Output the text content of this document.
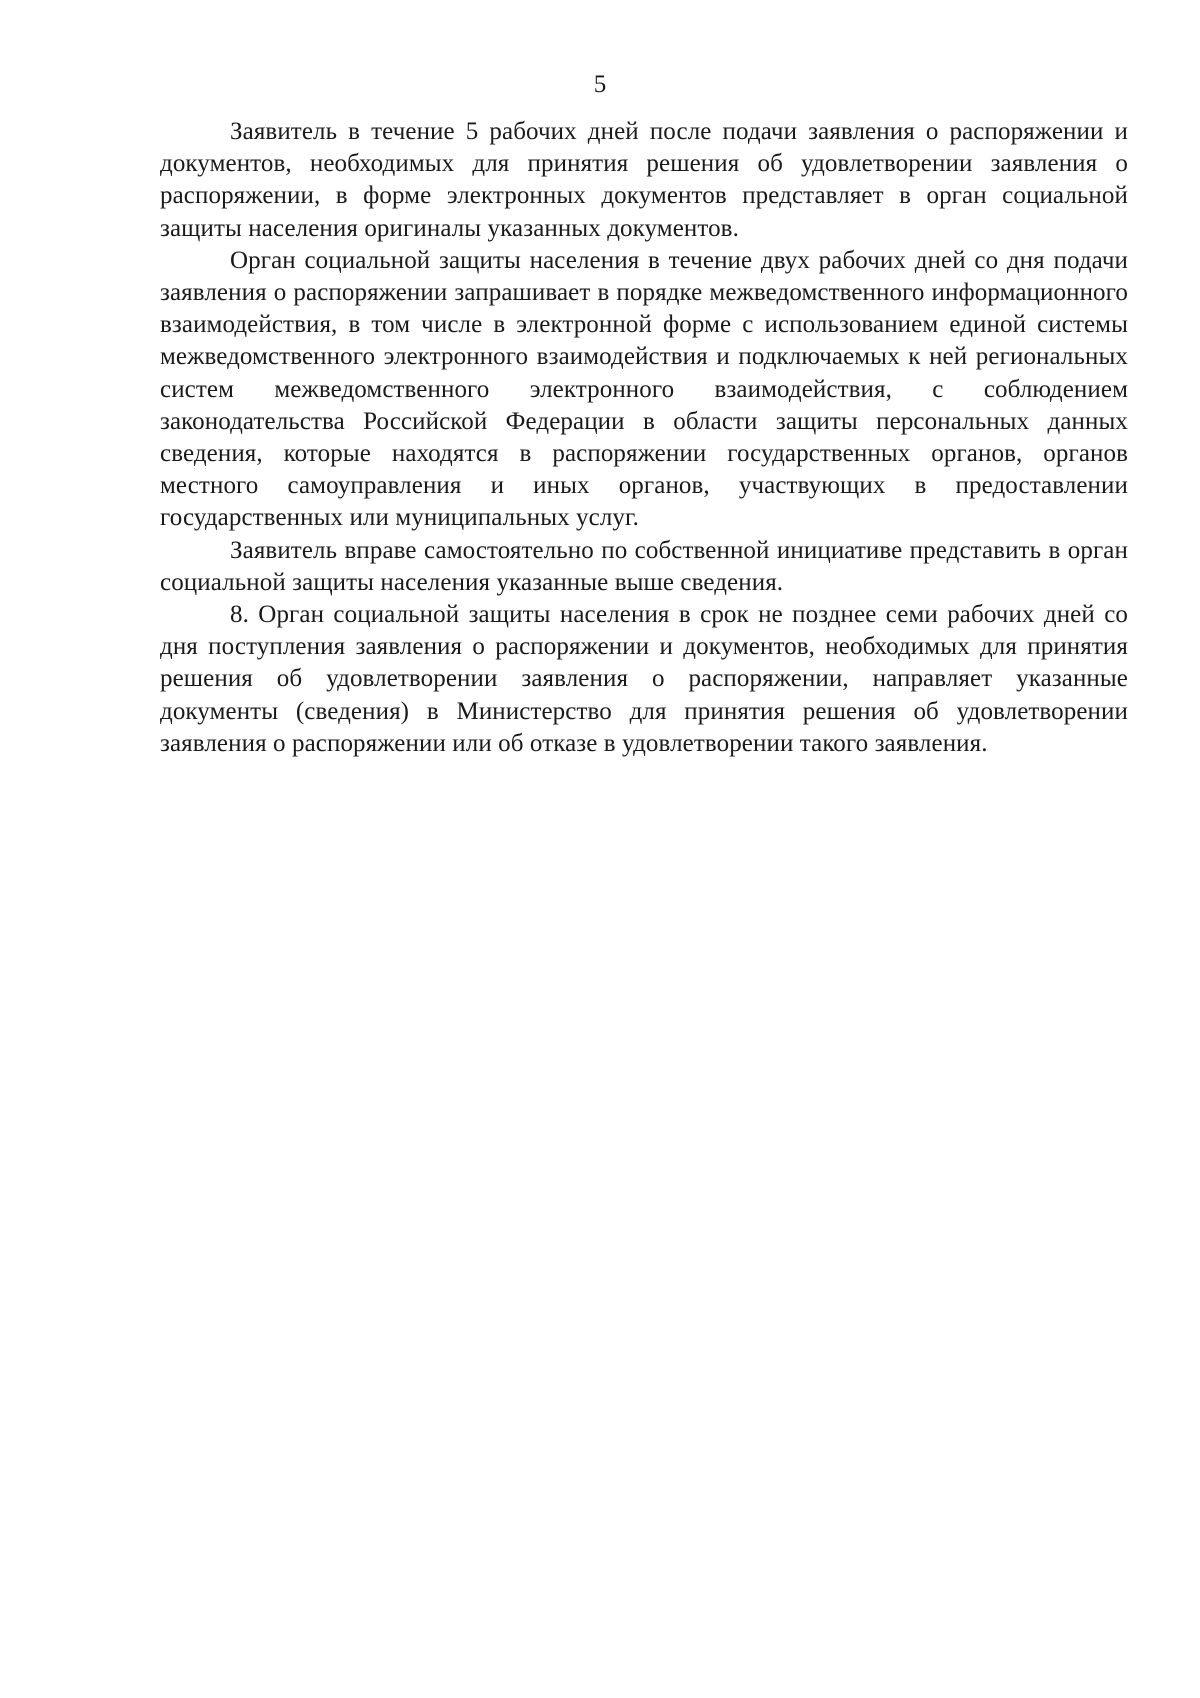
5

Заявитель в течение 5 рабочих дней после подачи заявления о распоряжении и документов, необходимых для принятия решения об удовлетворении заявления о распоряжении, в форме электронных документов представляет в орган социальной защиты населения оригиналы указанных документов.

Орган социальной защиты населения в течение двух рабочих дней со дня подачи заявления о распоряжении запрашивает в порядке межведомственного информационного взаимодействия, в том числе в электронной форме с использованием единой системы межведомственного электронного взаимодействия и подключаемых к ней региональных систем межведомственного электронного взаимодействия, с соблюдением законодательства Российской Федерации в области защиты персональных данных сведения, которые находятся в распоряжении государственных органов, органов местного самоуправления и иных органов, участвующих в предоставлении государственных или муниципальных услуг.

Заявитель вправе самостоятельно по собственной инициативе представить в орган социальной защиты населения указанные выше сведения.

8. Орган социальной защиты населения в срок не позднее семи рабочих дней со дня поступления заявления о распоряжении и документов, необходимых для принятия решения об удовлетворении заявления о распоряжении, направляет указанные документы (сведения) в Министерство для принятия решения об удовлетворении заявления о распоряжении или об отказе в удовлетворении такого заявления.
